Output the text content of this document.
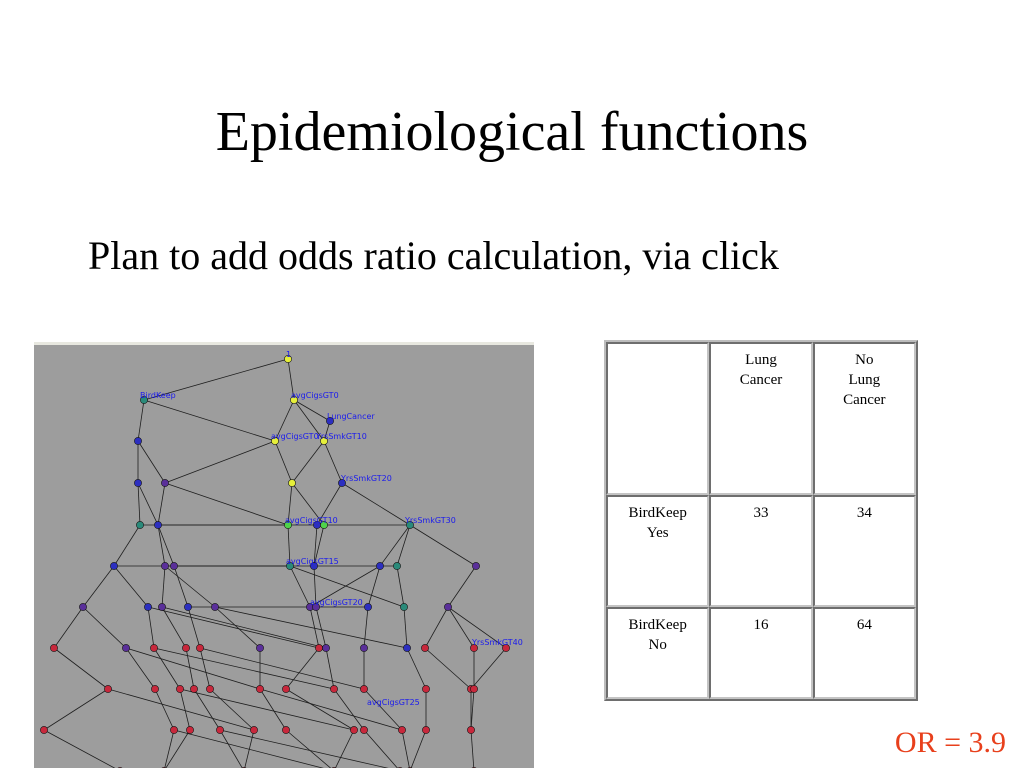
Epidemiological functions
Plan to add odds ratio calculation, via click
1
BirdKeep	avgCigsGT0
LungCancer
avgCigsGT0
YrsSmkGT10
YrsSmkGT20
avgCigsGT10	YrsSmkGT30
avgCigsGT15
avgCigsGT20
YrsSmkGT40
avgCigsGT25
	Lung Cancer	No Lung Cancer
BirdKeep Yes	33	34
BirdKeep No	16	64
OR = 3.9
